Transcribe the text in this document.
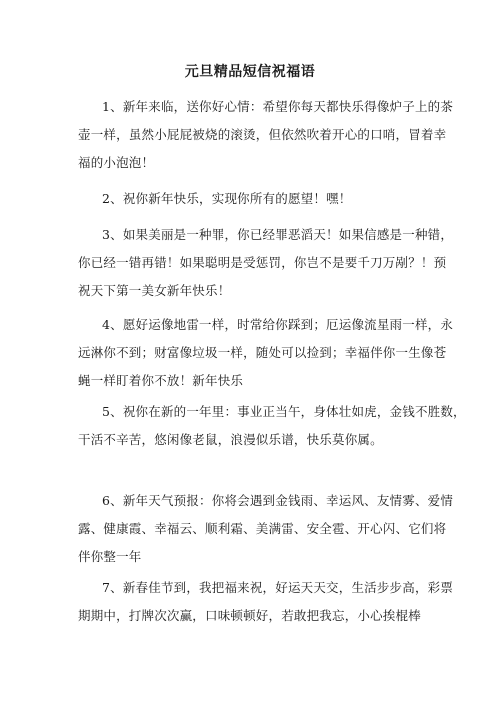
元旦精品短信祝福语
1、新年来临，送你好心情：希望你每天都快乐得像炉子上的茶
壶一样，虽然小屁屁被烧的滚烫，但依然吹着开心的口哨，冒着幸
福的小泡泡！
2、祝你新年快乐，实现你所有的愿望！嘿！
3、如果美丽是一种罪，你已经罪恶滔天！如果信感是一种错，
你已经一错再错！如果聪明是受惩罚，你岂不是要千刀万剐？！预
祝天下第一美女新年快乐！
4、愿好运像地雷一样，时常给你踩到；厄运像流星雨一样，永
远淋你不到；财富像垃圾一样，随处可以捡到；幸福伴你一生像苍
蝇一样盯着你不放！新年快乐
5、祝你在新的一年里：事业正当午，身体壮如虎，金钱不胜数，
干活不辛苦，悠闲像老鼠，浪漫似乐谱，快乐莫你属。
6、新年天气预报：你将会遇到金钱雨、幸运风、友情雾、爱情
露、健康霞、幸福云、顺利霜、美满雷、安全雹、开心闪、它们将
伴你整一年
7、新春佳节到，我把福来祝，好运天天交，生活步步高，彩票
期期中，打牌次次赢，口味顿顿好，若敢把我忘，小心挨棍棒
